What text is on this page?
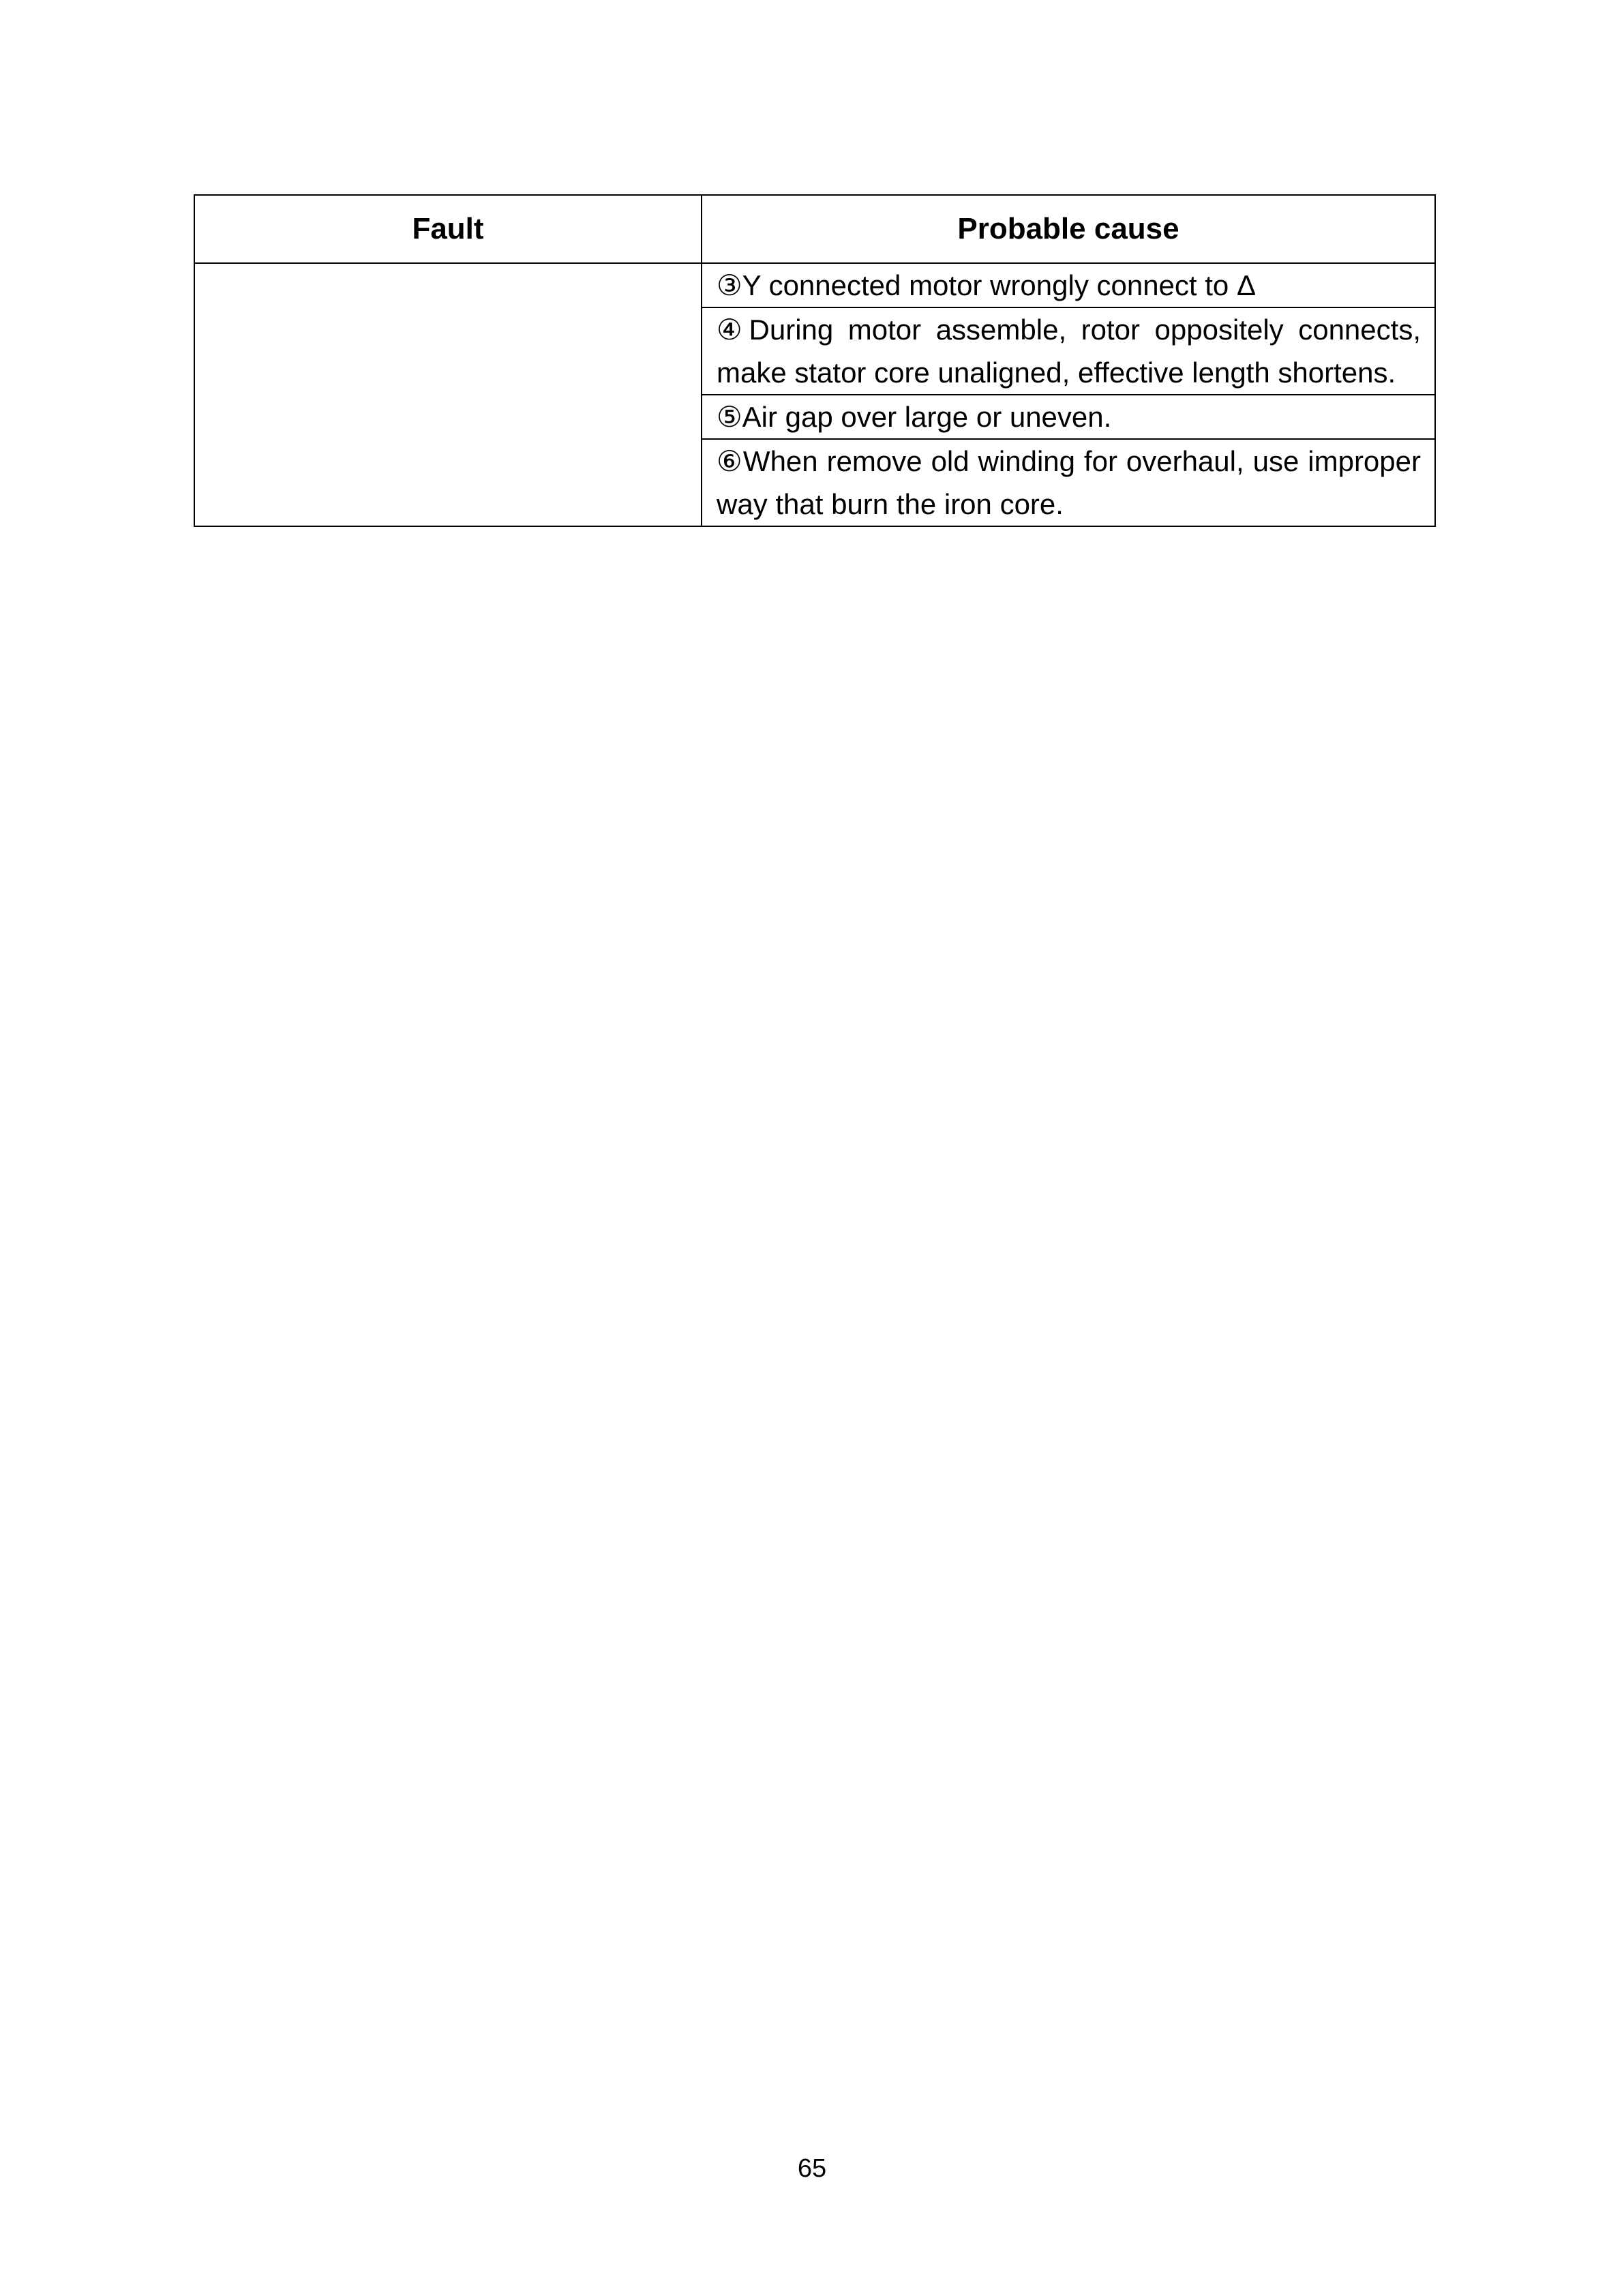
Fault	Probable cause
	③Y connected motor wrongly connect to Δ
	④During motor assemble, rotor oppositely connects, make stator core unaligned, effective length shortens.
	⑤Air gap over large or uneven.
	⑥When remove old winding for overhaul, use improper way that burn the iron core.
65
